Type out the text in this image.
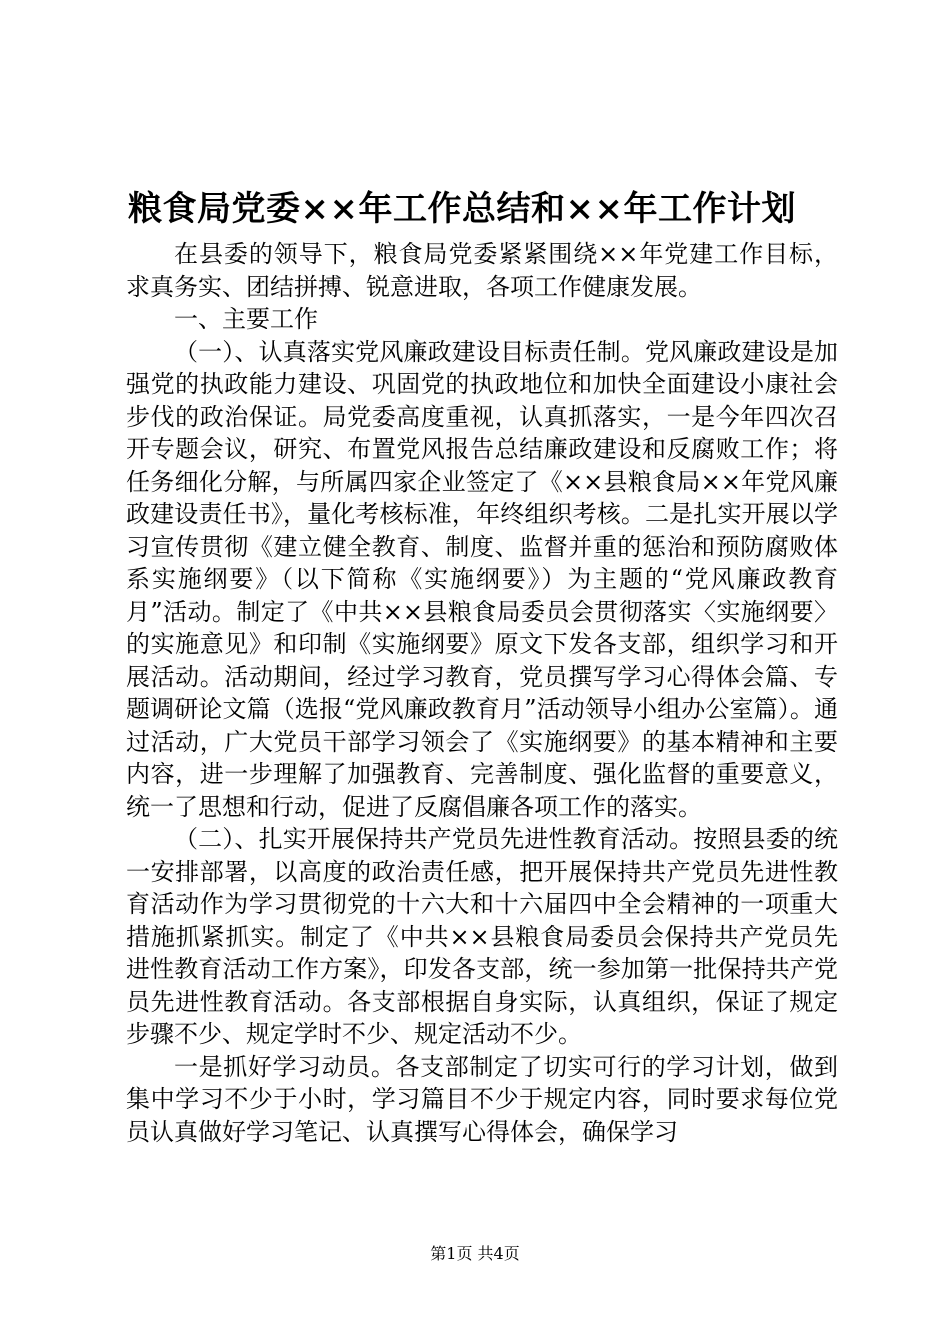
粮食局党委××年工作总结和××年工作计划

在县委的领导下，粮食局党委紧紧围绕××年党建工作目标，求真务实、团结拼搏、锐意进取，各项工作健康发展。

一、主要工作

（一）、认真落实党风廉政建设目标责任制。党风廉政建设是加强党的执政能力建设、巩固党的执政地位和加快全面建设小康社会步伐的政治保证。局党委高度重视，认真抓落实，一是今年四次召开专题会议，研究、布置党风报告总结廉政建设和反腐败工作；将任务细化分解，与所属四家企业签定了《××县粮食局××年党风廉政建设责任书》，量化考核标准，年终组织考核。二是扎实开展以学习宣传贯彻《建立健全教育、制度、监督并重的惩治和预防腐败体系实施纲要》（以下简称《实施纲要》）为主题的“党风廉政教育月”活动。制定了《中共××县粮食局委员会贯彻落实〈实施纲要〉的实施意见》和印制《实施纲要》原文下发各支部，组织学习和开展活动。活动期间，经过学习教育，党员撰写学习心得体会篇、专题调研论文篇（选报“党风廉政教育月”活动领导小组办公室篇）。通过活动，广大党员干部学习领会了《实施纲要》的基本精神和主要内容，进一步理解了加强教育、完善制度、强化监督的重要意义，统一了思想和行动，促进了反腐倡廉各项工作的落实。

（二）、扎实开展保持共产党员先进性教育活动。按照县委的统一安排部署，以高度的政治责任感，把开展保持共产党员先进性教育活动作为学习贯彻党的十六大和十六届四中全会精神的一项重大措施抓紧抓实。制定了《中共××县粮食局委员会保持共产党员先进性教育活动工作方案》，印发各支部，统一参加第一批保持共产党员先进性教育活动。各支部根据自身实际，认真组织，保证了规定步骤不少、规定学时不少、规定活动不少。

一是抓好学习动员。各支部制定了切实可行的学习计划，做到集中学习不少于小时，学习篇目不少于规定内容，同时要求每位党员认真做好学习笔记、认真撰写心得体会，确保学习

第1页 共4页
